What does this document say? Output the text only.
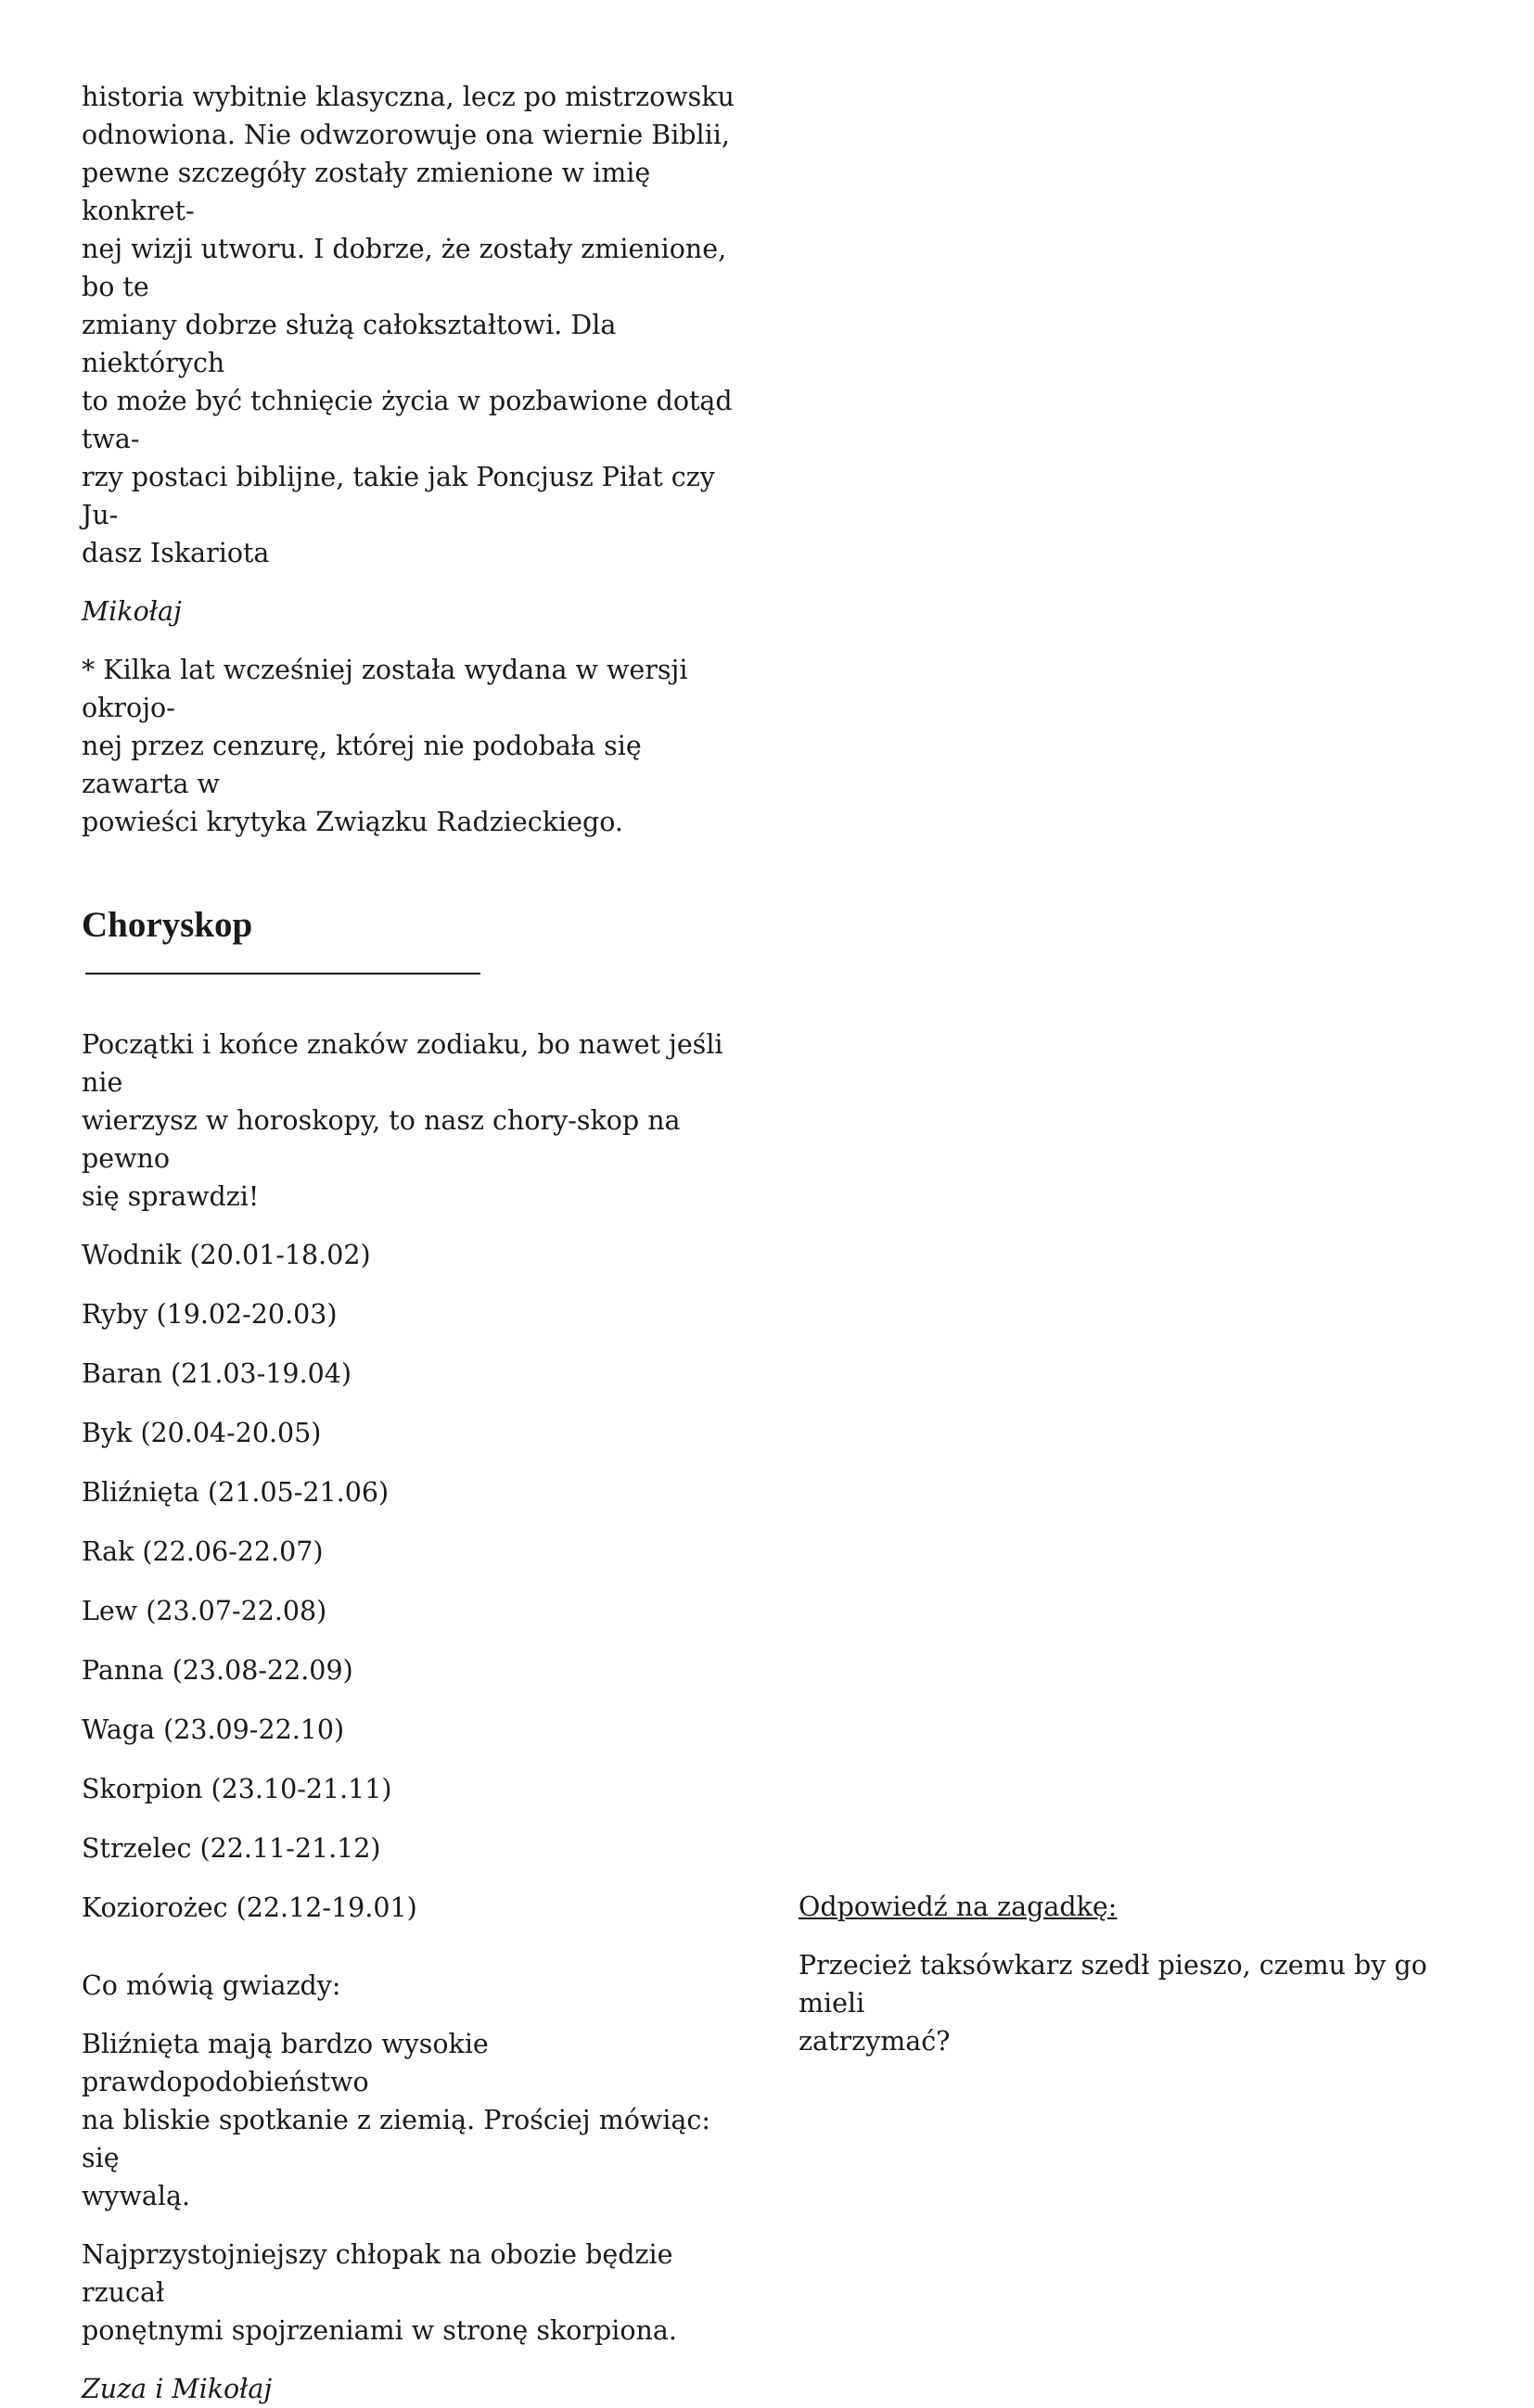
historia wybitnie klasyczna, lecz po mistrzowsku
odnowiona. Nie odwzorowuje ona wiernie Biblii,
pewne szczegóły zostały zmienione w imię konkret-
nej wizji utworu. I dobrze, że zostały zmienione, bo te
zmiany dobrze służą całokształtowi. Dla niektórych
to może być tchnięcie życia w pozbawione dotąd twa-
rzy postaci biblijne, takie jak Poncjusz Piłat czy Ju-
dasz Iskariota

Mikołaj

* Kilka lat wcześniej została wydana w wersji okrojo-
nej przez cenzurę, której nie podobała się zawarta w
powieści krytyka Związku Radzieckiego.

Choryskop

Początki i końce znaków zodiaku, bo nawet jeśli nie
wierzysz w horoskopy, to nasz chory-skop na pewno
się sprawdzi!

Wodnik (20.01-18.02)

Ryby (19.02-20.03)

Baran (21.03-19.04)

Byk (20.04-20.05)

Bliźnięta (21.05-21.06)

Rak (22.06-22.07)

Lew (23.07-22.08)

Panna (23.08-22.09)

Waga (23.09-22.10)

Skorpion (23.10-21.11)

Strzelec (22.11-21.12)

Koziorożec (22.12-19.01)

Co mówią gwiazdy:

Bliźnięta mają bardzo wysokie prawdopodobieństwo
na bliskie spotkanie z ziemią. Prościej mówiąc: się
wywalą.

Najprzystojniejszy chłopak na obozie będzie rzucał
ponętnymi spojrzeniami w stronę skorpiona.

Zuza i Mikołaj

Odpowiedź na zagadkę:

Przecież taksówkarz szedł pieszo, czemu by go mieli
zatrzymać?
